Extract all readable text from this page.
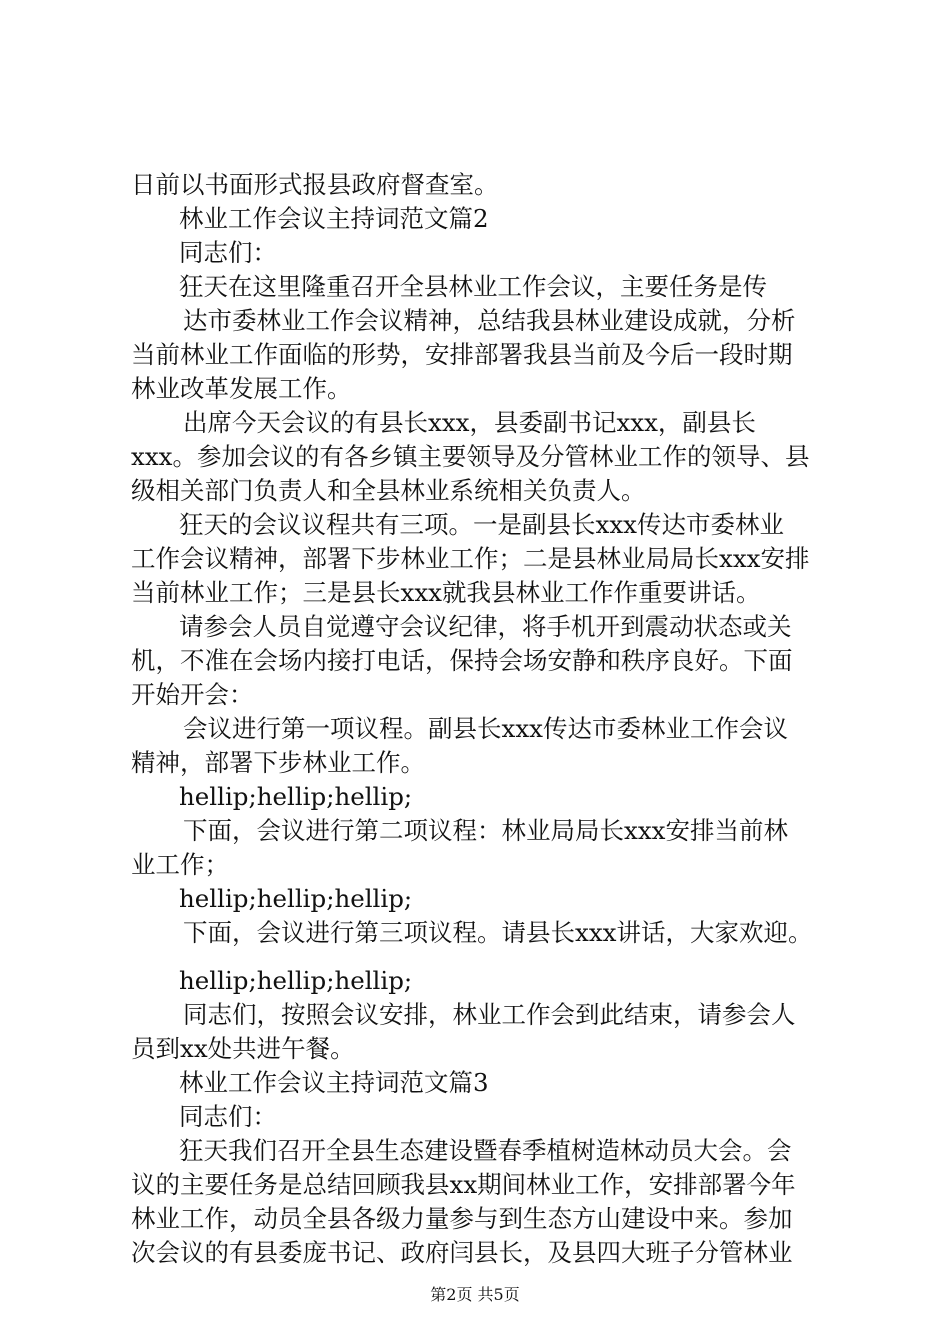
日前以书面形式报县政府督查室。
林业工作会议主持词范文篇2
同志们：
狂天在这里隆重召开全县林业工作会议，主要任务是传
达市委林业工作会议精神，总结我县林业建设成就，分析
当前林业工作面临的形势，安排部署我县当前及今后一段时期
林业改革发展工作。
出席今天会议的有县长xxx，县委副书记xxx，副县长
xxx。参加会议的有各乡镇主要领导及分管林业工作的领导、县
级相关部门负责人和全县林业系统相关负责人。
狂天的会议议程共有三项。一是副县长xxx传达市委林业
工作会议精神，部署下步林业工作；二是县林业局局长xxx安排
当前林业工作；三是县长xxx就我县林业工作作重要讲话。
请参会人员自觉遵守会议纪律，将手机开到震动状态或关
机，不准在会场内接打电话，保持会场安静和秩序良好。下面
开始开会：
会议进行第一项议程。副县长xxx传达市委林业工作会议
精神，部署下步林业工作。
hellip;hellip;hellip;
下面，会议进行第二项议程：林业局局长xxx安排当前林
业工作；
hellip;hellip;hellip;
下面，会议进行第三项议程。请县长xxx讲话，大家欢迎。
hellip;hellip;hellip;
同志们，按照会议安排，林业工作会到此结束，请参会人
员到xx处共进午餐。
林业工作会议主持词范文篇3
同志们：
狂天我们召开全县生态建设暨春季植树造林动员大会。会
议的主要任务是总结回顾我县xx期间林业工作，安排部署今年
林业工作，动员全县各级力量参与到生态方山建设中来。参加
次会议的有县委庞书记、政府闫县长，及县四大班子分管林业
第2页 共5页
